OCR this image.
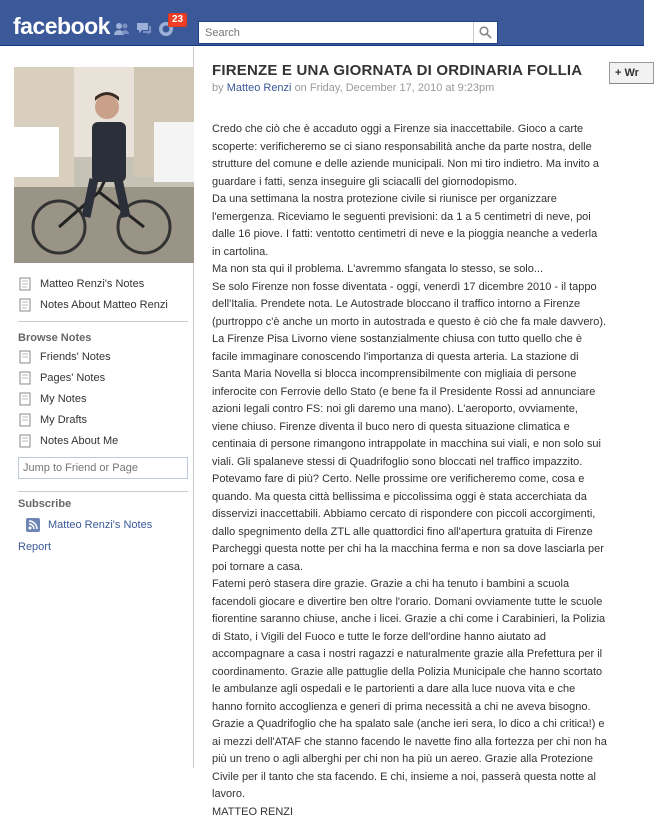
facebook	23
Search
Matteo Renzi's Notes
Notes About Matteo Renzi
Browse Notes
Friends' Notes
Pages' Notes
My Notes
My Drafts
Notes About Me
Jump to Friend or Page
Subscribe
Matteo Renzi's Notes
Report
FIRENZE E UNA GIORNATA DI ORDINARIA FOLLIA
by Matteo Renzi on Friday, December 17, 2010 at 9:23pm

Credo che ciò che è accaduto oggi a Firenze sia inaccettabile. Gioco a carte scoperte: verificheremo se ci siano responsabilità anche da parte nostra, delle strutture del comune e delle aziende municipali. Non mi tiro indietro. Ma invito a guardare i fatti, senza inseguire gli sciacalli del giornodopismo.

Da una settimana la nostra protezione civile si riunisce per organizzare l'emergenza. Riceviamo le seguenti previsioni: da 1 a 5 centimetri di neve, poi dalle 16 piove. I fatti: ventotto centimetri di neve e la pioggia neanche a vederla in cartolina.

Ma non sta qui il problema. L'avremmo sfangata lo stesso, se solo...

Se solo Firenze non fosse diventata - oggi, venerdì 17 dicembre 2010 - il tappo dell'Italia. Prendete nota. Le Autostrade bloccano il traffico intorno a Firenze (purtroppo c'è anche un morto in autostrada e questo è ciò che fa male davvero). La Firenze Pisa Livorno viene sostanzialmente chiusa con tutto quello che è facile immaginare conoscendo l'importanza di questa arteria. La stazione di Santa Maria Novella si blocca incomprensibilmente con migliaia di persone inferocite con Ferrovie dello Stato (e bene fa il Presidente Rossi ad annunciare azioni legali contro FS: noi gli daremo una mano). L'aeroporto, ovviamente, viene chiuso. Firenze diventa il buco nero di questa situazione climatica e centinaia di persone rimangono intrappolate in macchina sui viali, e non solo sui viali. Gli spalaneve stessi di Quadrifoglio sono bloccati nel traffico impazzito.

Potevamo fare di più? Certo. Nelle prossime ore verificheremo come, cosa e quando. Ma questa città bellissima e piccolissima oggi è stata accerchiata da disservizi inaccettabili. Abbiamo cercato di rispondere con piccoli accorgimenti, dallo spegnimento della ZTL alle quattordici fino all'apertura gratuita di Firenze Parcheggi questa notte per chi ha la macchina ferma e non sa dove lasciarla per poi tornare a casa.

Fatemi però stasera dire grazie. Grazie a chi ha tenuto i bambini a scuola facendoli giocare e divertire ben oltre l'orario. Domani ovviamente tutte le scuole fiorentine saranno chiuse, anche i licei. Grazie a chi come i Carabinieri, la Polizia di Stato, i Vigili del Fuoco e tutte le forze dell'ordine hanno aiutato ad accompagnare a casa i nostri ragazzi e naturalmente grazie alla Prefettura per il coordinamento. Grazie alle pattuglie della Polizia Municipale che hanno scortato le ambulanze agli ospedali e le partorienti a dare alla luce nuova vita e che hanno fornito accoglienza e generi di prima necessità a chi ne aveva bisogno. Grazie a Quadrifoglio che ha spalato sale (anche ieri sera, lo dico a chi critica!) e ai mezzi dell'ATAF che stanno facendo le navette fino alla fortezza per chi non ha più un treno o agli alberghi per chi non ha più un aereo. Grazie alla Protezione Civile per il tanto che sta facendo. E chi, insieme a noi, passerà questa notte al lavoro.

MATTEO RENZI
+ Wr
